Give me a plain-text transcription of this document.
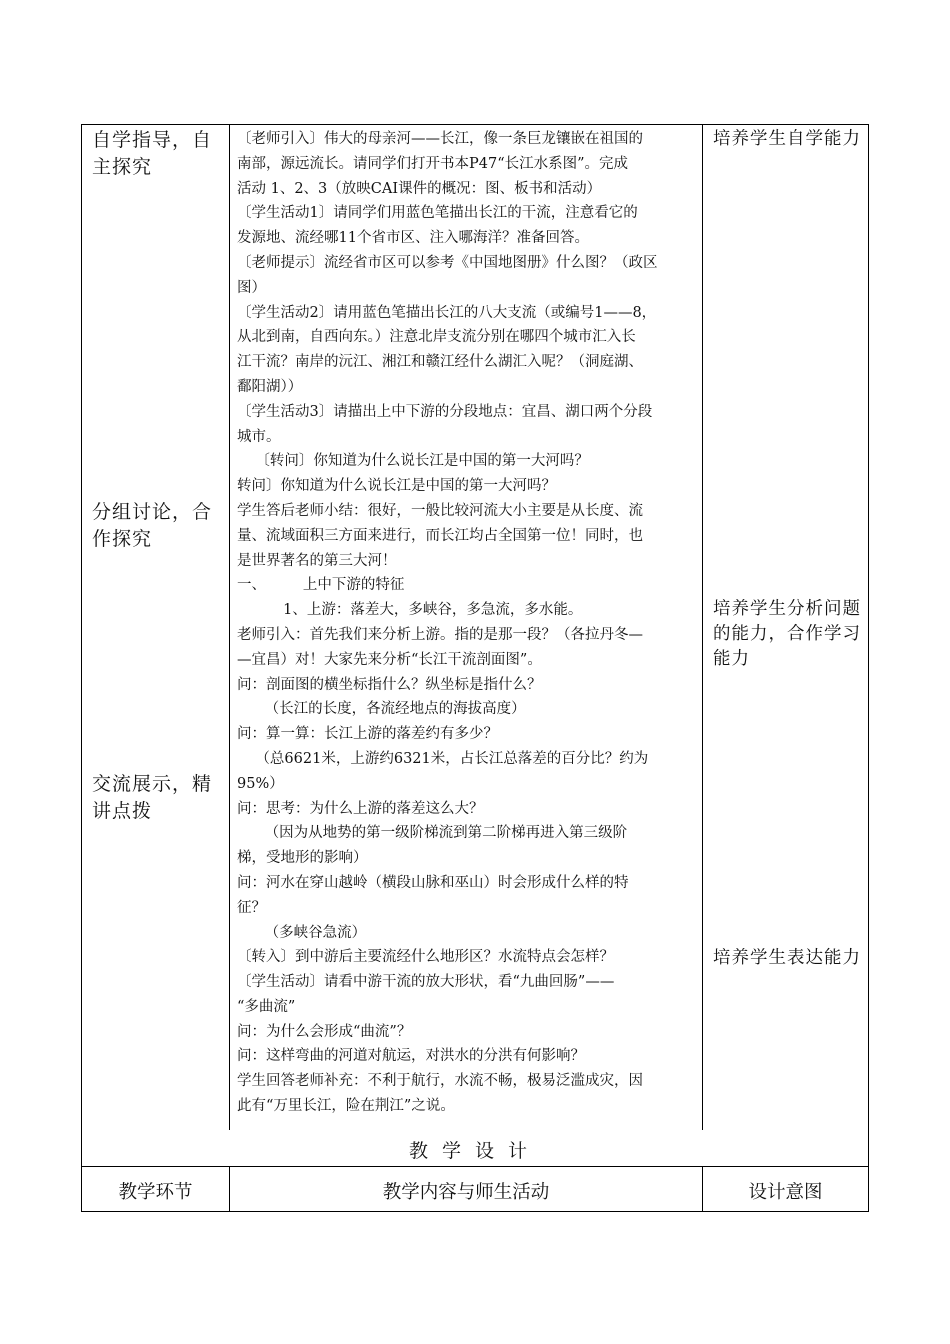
自学指导，自主探究
分组讨论，合作探究
交流展示，精讲点拨

〔老师引入〕伟大的母亲河——长江，像一条巨龙镶嵌在祖国的

南部，源远流长。请同学们打开书本P47“长江水系图”。完成

活动 1、2、3（放映CAI课件的概况：图、板书和活动）

〔学生活动1〕请同学们用蓝色笔描出长江的干流，注意看它的

发源地、流经哪11个省市区、注入哪海洋？准备回答。

〔老师提示〕流经省市区可以参考《中国地图册》什么图？（政区

图）

〔学生活动2〕请用蓝色笔描出长江的八大支流（或编号1——8，

从北到南，自西向东。）注意北岸支流分别在哪四个城市汇入长

江干流？南岸的沅江、湘江和赣江经什么湖汇入呢？（洞庭湖、

鄱阳湖））

〔学生活动3〕请描出上中下游的分段地点：宜昌、湖口两个分段

城市。

〔转问〕你知道为什么说长江是中国的第一大河吗？

转问〕你知道为什么说长江是中国的第一大河吗？

学生答后老师小结：很好，一般比较河流大小主要是从长度、流

量、流域面积三方面来进行，而长江均占全国第一位！同时，也

是世界著名的第三大河！

一、        上中下游的特征

1、上游：落差大，多峡谷，多急流，多水能。

老师引入：首先我们来分析上游。指的是那一段？（各拉丹冬—

—宜昌）对！大家先来分析“长江干流剖面图”。

问：剖面图的横坐标指什么？纵坐标是指什么？

（长江的长度，各流经地点的海拔高度）

问：算一算：长江上游的落差约有多少？

（总6621米，上游约6321米，占长江总落差的百分比？约为

95%）

问：思考：为什么上游的落差这么大？

（因为从地势的第一级阶梯流到第二阶梯再进入第三级阶

梯，受地形的影响）

问：河水在穿山越岭（横段山脉和巫山）时会形成什么样的特

征？

（多峡谷急流）

〔转入〕到中游后主要流经什么地形区？水流特点会怎样？

〔学生活动〕请看中游干流的放大形状，看“九曲回肠”——

“多曲流”

问：为什么会形成“曲流”？

问：这样弯曲的河道对航运，对洪水的分洪有何影响？

学生回答老师补充：不利于航行，水流不畅，极易泛滥成灾，因

此有“万里长江，险在荆江”之说。

培养学生自学能力
培养学生分析问题的能力，合作学习能力
培养学生表达能力
教学设计
教学环节	教学内容与师生活动	设计意图
